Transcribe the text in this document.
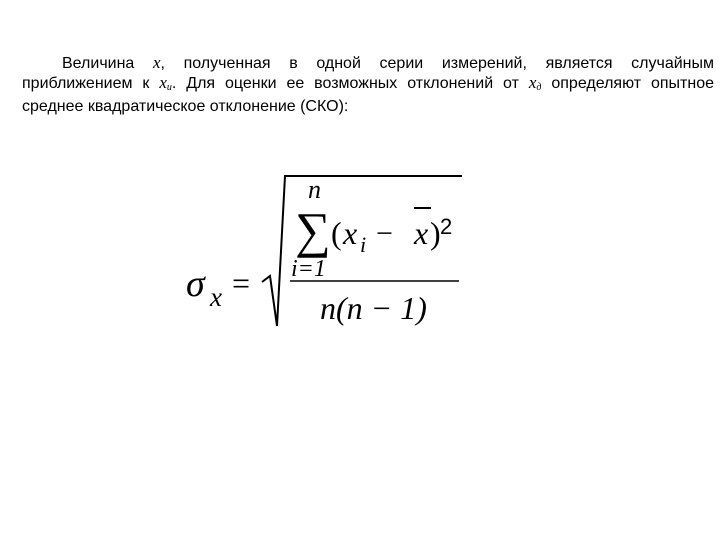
Величина x, полученная в одной серии измерений, является случайным приближением к $x_и$. Для оценки ее возможных отклонений от $x_д$ определяют опытное среднее квадратическое отклонение (СКО):

σ x =
n
∑ ( x i − x ) 2
i=1
n(n − 1)
